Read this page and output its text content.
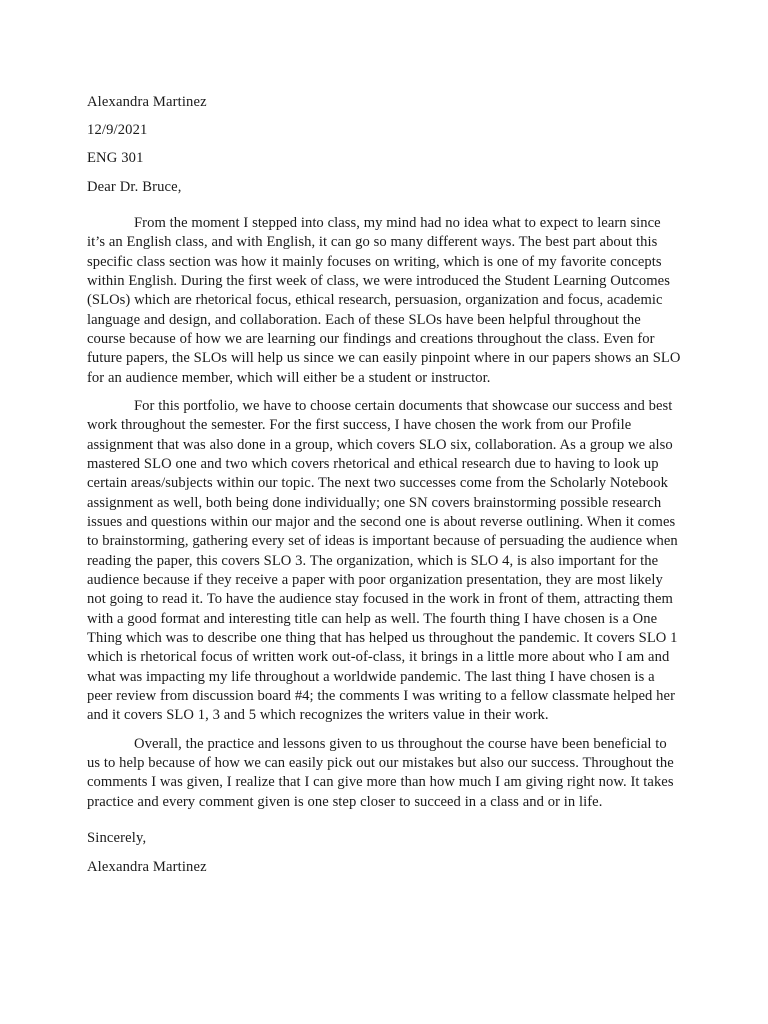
Alexandra Martinez
12/9/2021
ENG 301
Dear Dr. Bruce,

From the moment I stepped into class, my mind had no idea what to expect to learn since it’s an English class, and with English, it can go so many different ways. The best part about this specific class section was how it mainly focuses on writing, which is one of my favorite concepts within English. During the first week of class, we were introduced the Student Learning Outcomes (SLOs) which are rhetorical focus, ethical research, persuasion, organization and focus, academic language and design, and collaboration. Each of these SLOs have been helpful throughout the course because of how we are learning our findings and creations throughout the class. Even for future papers, the SLOs will help us since we can easily pinpoint where in our papers shows an SLO for an audience member, which will either be a student or instructor.

For this portfolio, we have to choose certain documents that showcase our success and best work throughout the semester. For the first success, I have chosen the work from our Profile assignment that was also done in a group, which covers SLO six, collaboration. As a group we also mastered SLO one and two which covers rhetorical and ethical research due to having to look up certain areas/subjects within our topic. The next two successes come from the Scholarly Notebook assignment as well, both being done individually; one SN covers brainstorming possible research issues and questions within our major and the second one is about reverse outlining. When it comes to brainstorming, gathering every set of ideas is important because of persuading the audience when reading the paper, this covers SLO 3. The organization, which is SLO 4, is also important for the audience because if they receive a paper with poor organization presentation, they are most likely not going to read it. To have the audience stay focused in the work in front of them, attracting them with a good format and interesting title can help as well. The fourth thing I have chosen is a One Thing which was to describe one thing that has helped us throughout the pandemic. It covers SLO 1 which is rhetorical focus of written work out-of-class, it brings in a little more about who I am and what was impacting my life throughout a worldwide pandemic. The last thing I have chosen is a peer review from discussion board #4; the comments I was writing to a fellow classmate helped her and it covers SLO 1, 3 and 5 which recognizes the writers value in their work.

Overall, the practice and lessons given to us throughout the course have been beneficial to us to help because of how we can easily pick out our mistakes but also our success. Throughout the comments I was given, I realize that I can give more than how much I am giving right now. It takes practice and every comment given is one step closer to succeed in a class and or in life.

Sincerely,
Alexandra Martinez
